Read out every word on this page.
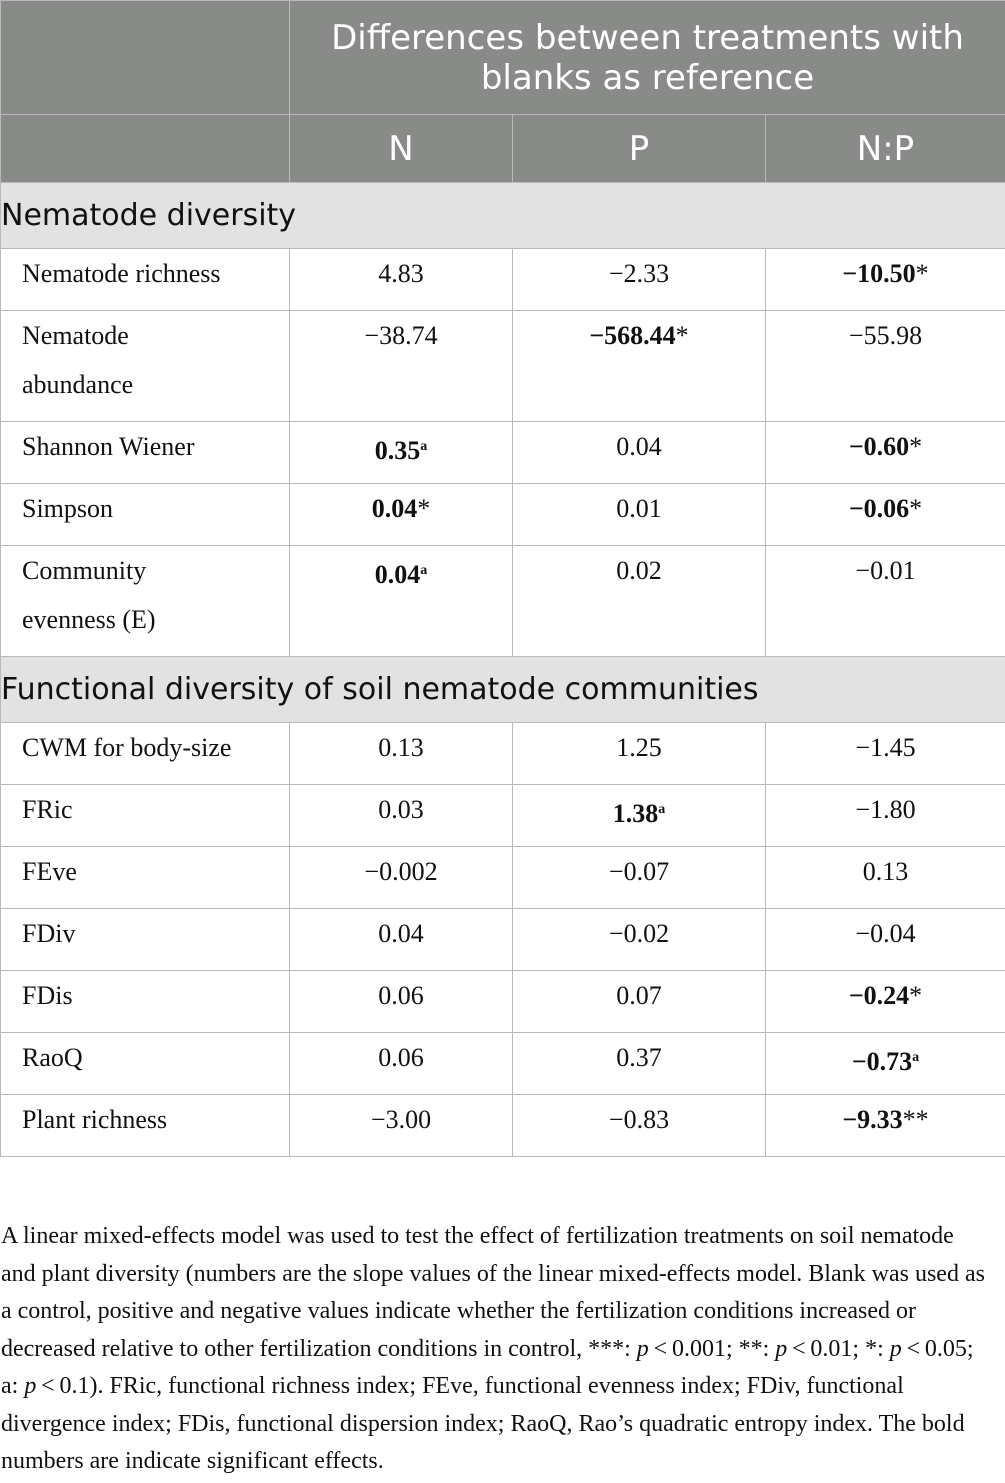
	Differences between treatments with blanks as reference		
	N	P	N:P
Nematode diversity			
Nematode richness	4.83	−2.33	−10.50*
Nematode
abundance	−38.74	−568.44*	−55.98
Shannon Wiener	0.35$^a$	0.04	−0.60*
Simpson	0.04*	0.01	−0.06*
Community
evenness (E)	0.04$^a$	0.02	−0.01
Functional diversity of soil nematode communities			
CWM for body-size	0.13	1.25	−1.45
FRic	0.03	1.38$^a$	−1.80
FEve	−0.002	−0.07	0.13
FDiv	0.04	−0.02	−0.04
FDis	0.06	0.07	−0.24*
RaoQ	0.06	0.37	−0.73$^a$
Plant richness	−3.00	−0.83	−9.33**

A linear mixed-effects model was used to test the effect of fertilization treatments on soil nematode and plant diversity (numbers are the slope values of the linear mixed-effects model. Blank was used as a control, positive and negative values indicate whether the fertilization conditions increased or decreased relative to other fertilization conditions in control, ***: p < 0.001; **: p < 0.01; *: p < 0.05; a: p < 0.1). FRic, functional richness index; FEve, functional evenness index; FDiv, functional divergence index; FDis, functional dispersion index; RaoQ, Rao’s quadratic entropy index. The bold numbers are indicate significant effects.
